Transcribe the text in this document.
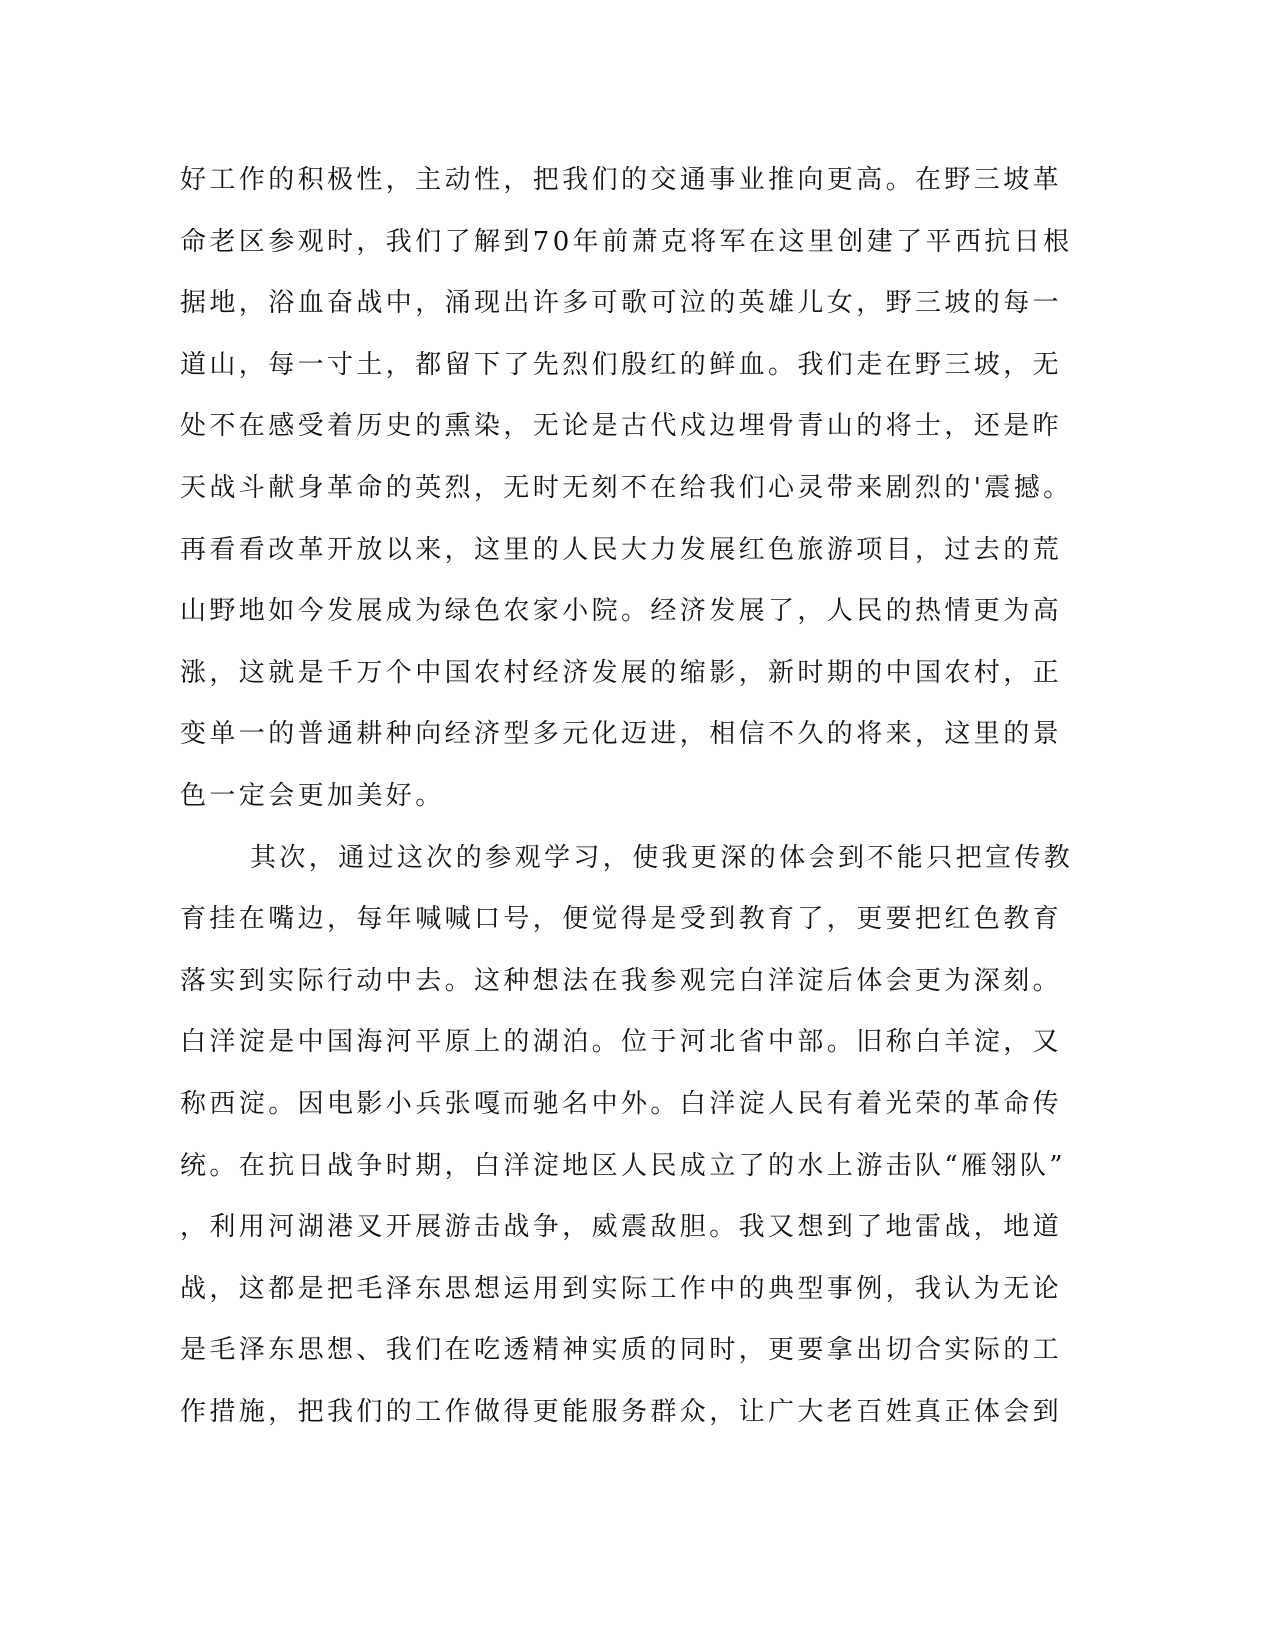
好工作的积极性，主动性，把我们的交通事业推向更高。在野三坡革
命老区参观时，我们了解到70年前萧克将军在这里创建了平西抗日根
据地，浴血奋战中，涌现出许多可歌可泣的英雄儿女，野三坡的每一
道山，每一寸土，都留下了先烈们殷红的鲜血。我们走在野三坡，无
处不在感受着历史的熏染，无论是古代戍边埋骨青山的将士，还是昨
天战斗献身革命的英烈，无时无刻不在给我们心灵带来剧烈的'震撼。
再看看改革开放以来，这里的人民大力发展红色旅游项目，过去的荒
山野地如今发展成为绿色农家小院。经济发展了，人民的热情更为高
涨，这就是千万个中国农村经济发展的缩影，新时期的中国农村，正
变单一的普通耕种向经济型多元化迈进，相信不久的将来，这里的景
色一定会更加美好。
其次，通过这次的参观学习，使我更深的体会到不能只把宣传教
育挂在嘴边，每年喊喊口号，便觉得是受到教育了，更要把红色教育
落实到实际行动中去。这种想法在我参观完白洋淀后体会更为深刻。
白洋淀是中国海河平原上的湖泊。位于河北省中部。旧称白羊淀，又
称西淀。因电影小兵张嘎而驰名中外。白洋淀人民有着光荣的革命传
统。在抗日战争时期，白洋淀地区人民成立了的水上游击队“雁翎队”
，利用河湖港叉开展游击战争，威震敌胆。我又想到了地雷战，地道
战，这都是把毛泽东思想运用到实际工作中的典型事例，我认为无论
是毛泽东思想、我们在吃透精神实质的同时，更要拿出切合实际的工
作措施，把我们的工作做得更能服务群众，让广大老百姓真正体会到
